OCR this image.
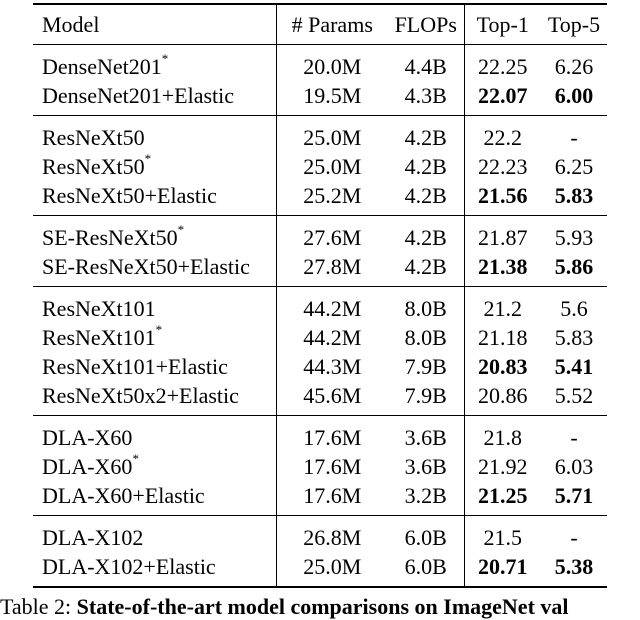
Model	# Params	FLOPs	Top-1	Top-5
DenseNet201*	20.0M	4.4B	22.25	6.26
DenseNet201+Elastic	19.5M	4.3B	22.07	6.00
ResNeXt50	25.0M	4.2B	22.2	-
ResNeXt50*	25.0M	4.2B	22.23	6.25
ResNeXt50+Elastic	25.2M	4.2B	21.56	5.83
SE-ResNeXt50*	27.6M	4.2B	21.87	5.93
SE-ResNeXt50+Elastic	27.8M	4.2B	21.38	5.86
ResNeXt101	44.2M	8.0B	21.2	5.6
ResNeXt101*	44.2M	8.0B	21.18	5.83
ResNeXt101+Elastic	44.3M	7.9B	20.83	5.41
ResNeXt50x2+Elastic	45.6M	7.9B	20.86	5.52
DLA-X60	17.6M	3.6B	21.8	-
DLA-X60*	17.6M	3.6B	21.92	6.03
DLA-X60+Elastic	17.6M	3.2B	21.25	5.71
DLA-X102	26.8M	6.0B	21.5	-
DLA-X102+Elastic	25.0M	6.0B	20.71	5.38
Table 2: State-of-the-art model comparisons on ImageNet val
